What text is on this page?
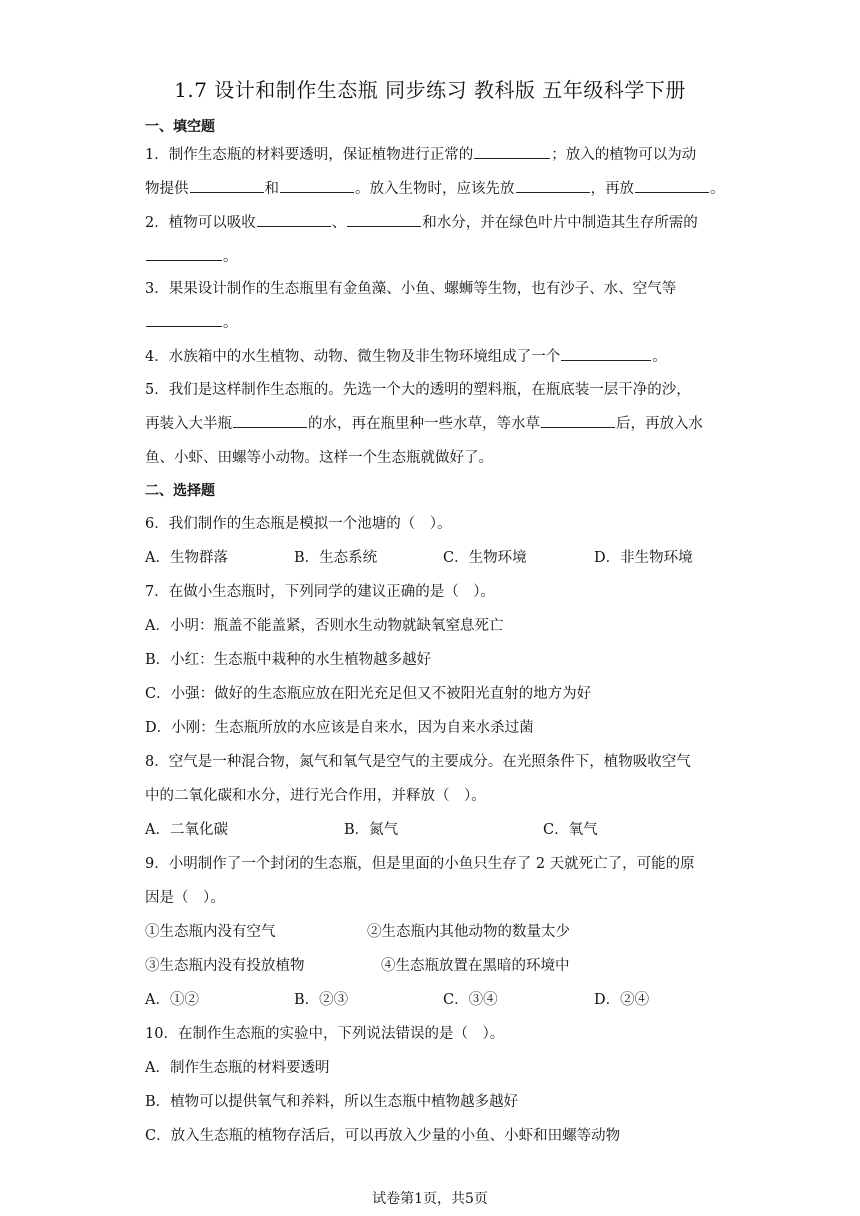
1.7 设计和制作生态瓶 同步练习 教科版 五年级科学下册
一、填空题
1．制作生态瓶的材料要透明，保证植物进行正常的	；放入的植物可以为动
物提供	和	。放入生物时，应该先放	，再放	。
2．植物可以吸收	、	和水分，并在绿色叶片中制造其生存所需的
。
3．果果设计制作的生态瓶里有金鱼藻、小鱼、螺蛳等生物，也有沙子、水、空气等
。
4．水族箱中的水生植物、动物、微生物及非生物环境组成了一个	。
5．我们是这样制作生态瓶的。先选一个大的透明的塑料瓶，在瓶底装一层干净的沙，
再装入大半瓶	的水，再在瓶里种一些水草，等水草	后，再放入水
鱼、小虾、田螺等小动物。这样一个生态瓶就做好了。
二、选择题
6．我们制作的生态瓶是模拟一个池塘的（　）。
A．生物群落	B．生态系统	C．生物环境	D．非生物环境
7．在做小生态瓶时，下列同学的建议正确的是（　）。
A．小明：瓶盖不能盖紧，否则水生动物就缺氧窒息死亡
B．小红：生态瓶中栽种的水生植物越多越好
C．小强：做好的生态瓶应放在阳光充足但又不被阳光直射的地方为好
D．小刚：生态瓶所放的水应该是自来水，因为自来水杀过菌
8．空气是一种混合物，氮气和氧气是空气的主要成分。在光照条件下，植物吸收空气
中的二氧化碳和水分，进行光合作用，并释放（　）。
A．二氧化碳	B．氮气	C．氧气
9．小明制作了一个封闭的生态瓶，但是里面的小鱼只生存了 2 天就死亡了，可能的原
因是（　）。
①生态瓶内没有空气	②生态瓶内其他动物的数量太少
③生态瓶内没有投放植物	④生态瓶放置在黑暗的环境中
A．①②	B．②③	C．③④	D．②④
10．在制作生态瓶的实验中，下列说法错误的是（　）。
A．制作生态瓶的材料要透明
B．植物可以提供氧气和养料，所以生态瓶中植物越多越好
C．放入生态瓶的植物存活后，可以再放入少量的小鱼、小虾和田螺等动物
试卷第1页，共5页
